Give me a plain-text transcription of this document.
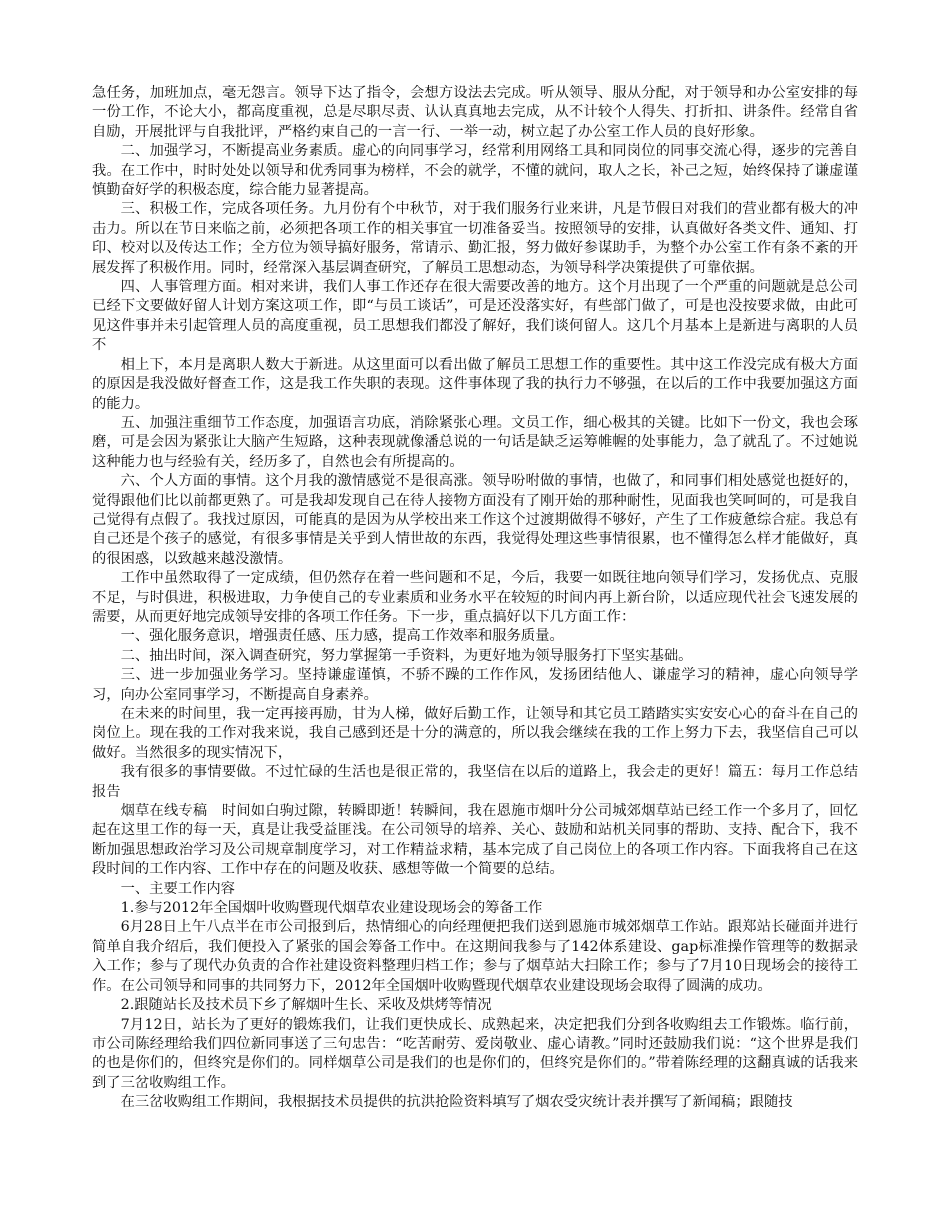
急任务，加班加点，毫无怨言。领导下达了指令，会想方设法去完成。听从领导、服从分配，对于领导和办公室安排的每一份工作，不论大小，都高度重视，总是尽职尽责、认认真真地去完成，从不计较个人得失、打折扣、讲条件。经常自省自励，开展批评与自我批评，严格约束自己的一言一行、一举一动，树立起了办公室工作人员的良好形象。

二、加强学习，不断提高业务素质。虚心的向同事学习，经常利用网络工具和同岗位的同事交流心得，逐步的完善自我。在工作中，时时处处以领导和优秀同事为榜样，不会的就学，不懂的就问，取人之长，补己之短，始终保持了谦虚谨慎勤奋好学的积极态度，综合能力显著提高。

三、积极工作，完成各项任务。九月份有个中秋节，对于我们服务行业来讲，凡是节假日对我们的营业都有极大的冲击力。所以在节日来临之前，必须把各项工作的相关事宜一切准备妥当。按照领导的安排，认真做好各类文件、通知、打印、校对以及传达工作；全方位为领导搞好服务，常请示、勤汇报，努力做好参谋助手，为整个办公室工作有条不紊的开展发挥了积极作用。同时，经常深入基层调查研究，了解员工思想动态，为领导科学决策提供了可靠依据。

四、人事管理方面。相对来讲，我们人事工作还存在很大需要改善的地方。这个月出现了一个严重的问题就是总公司已经下文要做好留人计划方案这项工作，即“与员工谈话”，可是还没落实好，有些部门做了，可是也没按要求做，由此可见这件事并未引起管理人员的高度重视，员工思想我们都没了解好，我们谈何留人。这几个月基本上是新进与离职的人员不

相上下，本月是离职人数大于新进。从这里面可以看出做了解员工思想工作的重要性。其中这工作没完成有极大方面的原因是我没做好督查工作，这是我工作失职的表现。这件事体现了我的执行力不够强，在以后的工作中我要加强这方面的能力。

五、加强注重细节工作态度，加强语言功底，消除紧张心理。文员工作，细心极其的关键。比如下一份文，我也会琢磨，可是会因为紧张让大脑产生短路，这种表现就像潘总说的一句话是缺乏运筹帷幄的处事能力，急了就乱了。不过她说这种能力也与经验有关，经历多了，自然也会有所提高的。

六、个人方面的事情。这个月我的激情感觉不是很高涨。领导吩咐做的事情，也做了，和同事们相处感觉也挺好的，觉得跟他们比以前都更熟了。可是我却发现自己在待人接物方面没有了刚开始的那种耐性，见面我也笑呵呵的，可是我自己觉得有点假了。我找过原因，可能真的是因为从学校出来工作这个过渡期做得不够好，产生了工作疲惫综合症。我总有自己还是个孩子的感觉，有很多事情是关乎到人情世故的东西，我觉得处理这些事情很累，也不懂得怎么样才能做好，真的很困惑，以致越来越没激情。

工作中虽然取得了一定成绩，但仍然存在着一些问题和不足，今后，我要一如既往地向领导们学习，发扬优点、克服不足，与时俱进，积极进取，力争使自己的专业素质和业务水平在较短的时间内再上新台阶，以适应现代社会飞速发展的需要，从而更好地完成领导安排的各项工作任务。下一步，重点搞好以下几方面工作：

一、强化服务意识，增强责任感、压力感，提高工作效率和服务质量。

二、抽出时间，深入调查研究，努力掌握第一手资料，为更好地为领导服务打下坚实基础。

三、进一步加强业务学习。坚持谦虚谨慎，不骄不躁的工作作风，发扬团结他人、谦虚学习的精神，虚心向领导学习，向办公室同事学习，不断提高自身素养。

在未来的时间里，我一定再接再励，甘为人梯，做好后勤工作，让领导和其它员工踏踏实实安安心心的奋斗在自己的岗位上。现在我的工作对我来说，我自己感到还是十分的满意的，所以我会继续在我的工作上努力下去，我坚信自己可以做好。当然很多的现实情况下，

我有很多的事情要做。不过忙碌的生活也是很正常的，我坚信在以后的道路上，我会走的更好！篇五：每月工作总结报告

烟草在线专稿　时间如白驹过隙，转瞬即逝！转瞬间，我在恩施市烟叶分公司城郊烟草站已经工作一个多月了，回忆起在这里工作的每一天，真是让我受益匪浅。在公司领导的培养、关心、鼓励和站机关同事的帮助、支持、配合下，我不断加强思想政治学习及公司规章制度学习，对工作精益求精，基本完成了自己岗位上的各项工作内容。下面我将自己在这段时间的工作内容、工作中存在的问题及收获、感想等做一个简要的总结。

一、主要工作内容

1.参与2012年全国烟叶收购暨现代烟草农业建设现场会的筹备工作

6月28日上午八点半在市公司报到后，热情细心的向经理便把我们送到恩施市城郊烟草工作站。跟郑站长碰面并进行简单自我介绍后，我们便投入了紧张的国会筹备工作中。在这期间我参与了142体系建设、gap标准操作管理等的数据录入工作；参与了现代办负责的合作社建设资料整理归档工作；参与了烟草站大扫除工作；参与了7月10日现场会的接待工作。在公司领导和同事的共同努力下，2012年全国烟叶收购暨现代烟草农业建设现场会取得了圆满的成功。

2.跟随站长及技术员下乡了解烟叶生长、采收及烘烤等情况

7月12日，站长为了更好的锻炼我们，让我们更快成长、成熟起来，决定把我们分到各收购组去工作锻炼。临行前，市公司陈经理给我们四位新同事送了三句忠告：“吃苦耐劳、爱岗敬业、虚心请教。”同时还鼓励我们说：“这个世界是我们的也是你们的，但终究是你们的。同样烟草公司是我们的也是你们的，但终究是你们的。”带着陈经理的这翻真诚的话我来到了三岔收购组工作。

在三岔收购组工作期间，我根据技术员提供的抗洪抢险资料填写了烟农受灾统计表并撰写了新闻稿；跟随技
